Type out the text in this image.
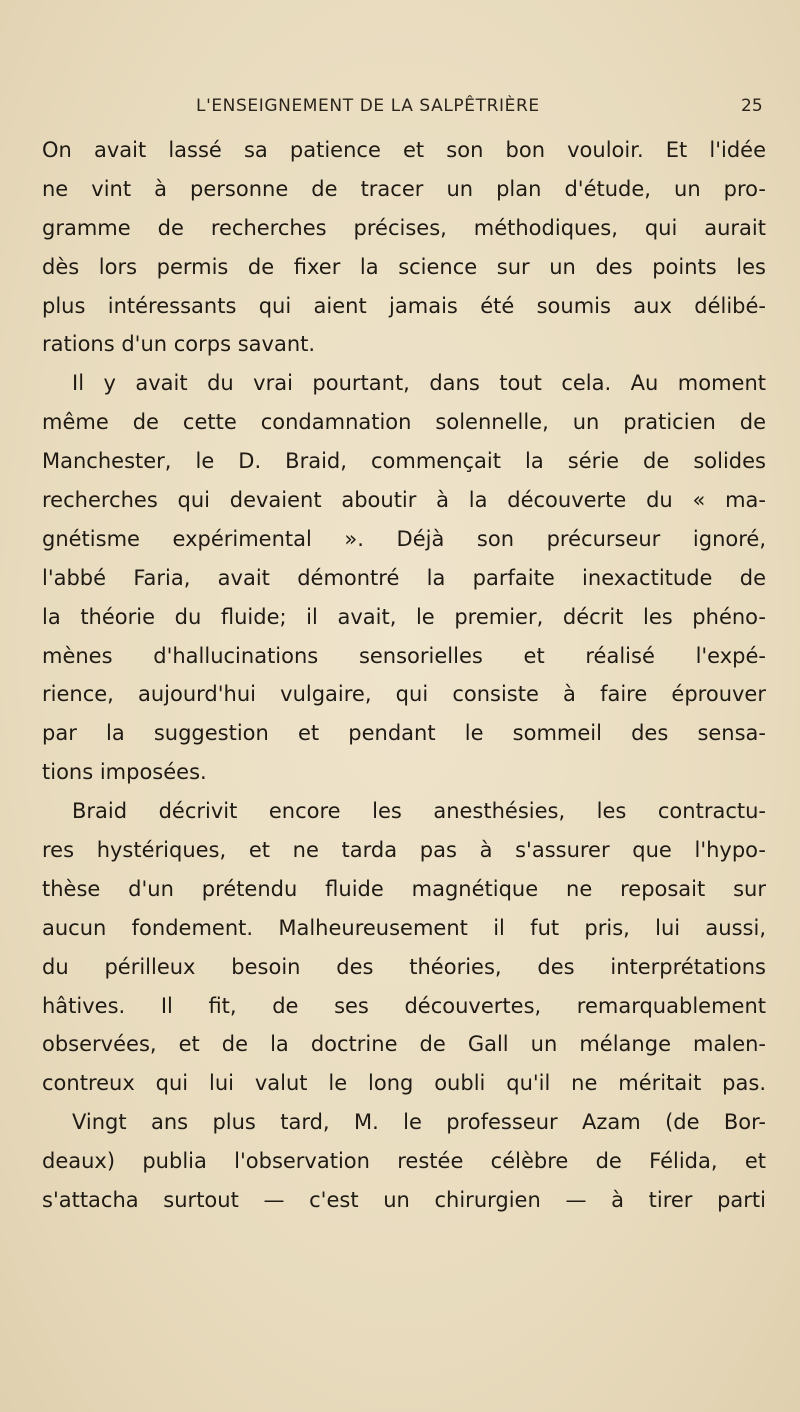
L'ENSEIGNEMENT DE LA SALPÊTRIÈRE	25
On avait lassé sa patience et son bon vouloir. Et l'idée
ne vint à personne de tracer un plan d'étude, un pro-
gramme de recherches précises, méthodiques, qui aurait
dès lors permis de fixer la science sur un des points les
plus intéressants qui aient jamais été soumis aux délibé-
rations d'un corps savant.
Il y avait du vrai pourtant, dans tout cela. Au moment
même de cette condamnation solennelle, un praticien de
Manchester, le D. Braid, commençait la série de solides
recherches qui devaient aboutir à la découverte du « ma-
gnétisme expérimental ». Déjà son précurseur ignoré,
l'abbé Faria, avait démontré la parfaite inexactitude de
la théorie du fluide; il avait, le premier, décrit les phéno-
mènes d'hallucinations sensorielles et réalisé l'expé-
rience, aujourd'hui vulgaire, qui consiste à faire éprouver
par la suggestion et pendant le sommeil des sensa-
tions imposées.
Braid décrivit encore les anesthésies, les contractu-
res hystériques, et ne tarda pas à s'assurer que l'hypo-
thèse d'un prétendu fluide magnétique ne reposait sur
aucun fondement. Malheureusement il fut pris, lui aussi,
du périlleux besoin des théories, des interprétations
hâtives. Il fit, de ses découvertes, remarquablement
observées, et de la doctrine de Gall un mélange malen-
contreux qui lui valut le long oubli qu'il ne méritait pas.
Vingt ans plus tard, M. le professeur Azam (de Bor-
deaux) publia l'observation restée célèbre de Félida, et
s'attacha surtout — c'est un chirurgien — à tirer parti
